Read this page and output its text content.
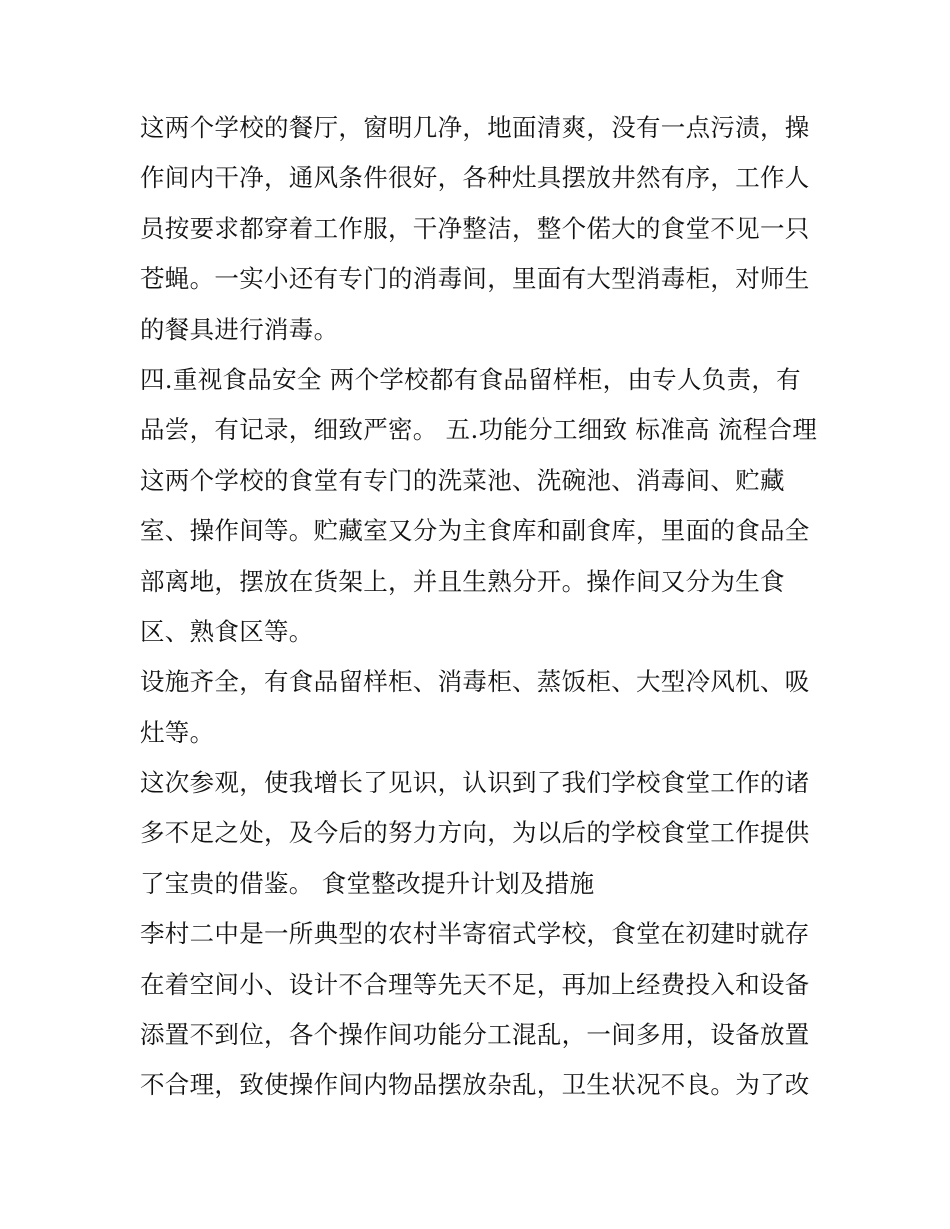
这两个学校的餐厅，窗明几净，地面清爽，没有一点污渍，操

作间内干净，通风条件很好，各种灶具摆放井然有序，工作人

员按要求都穿着工作服，干净整洁，整个偌大的食堂不见一只

苍蝇。一实小还有专门的消毒间，里面有大型消毒柜，对师生

的餐具进行消毒。

四.重视食品安全 两个学校都有食品留样柜，由专人负责，有

品尝，有记录，细致严密。 五.功能分工细致 标准高 流程合理

这两个学校的食堂有专门的洗菜池、洗碗池、消毒间、贮藏

室、操作间等。贮藏室又分为主食库和副食库，里面的食品全

部离地，摆放在货架上，并且生熟分开。操作间又分为生食

区、熟食区等。

设施齐全，有食品留样柜、消毒柜、蒸饭柜、大型冷风机、吸

灶等。

这次参观，使我增长了见识，认识到了我们学校食堂工作的诸

多不足之处，及今后的努力方向，为以后的学校食堂工作提供

了宝贵的借鉴。 食堂整改提升计划及措施

李村二中是一所典型的农村半寄宿式学校，食堂在初建时就存

在着空间小、设计不合理等先天不足，再加上经费投入和设备

添置不到位，各个操作间功能分工混乱，一间多用，设备放置

不合理，致使操作间内物品摆放杂乱，卫生状况不良。为了改
